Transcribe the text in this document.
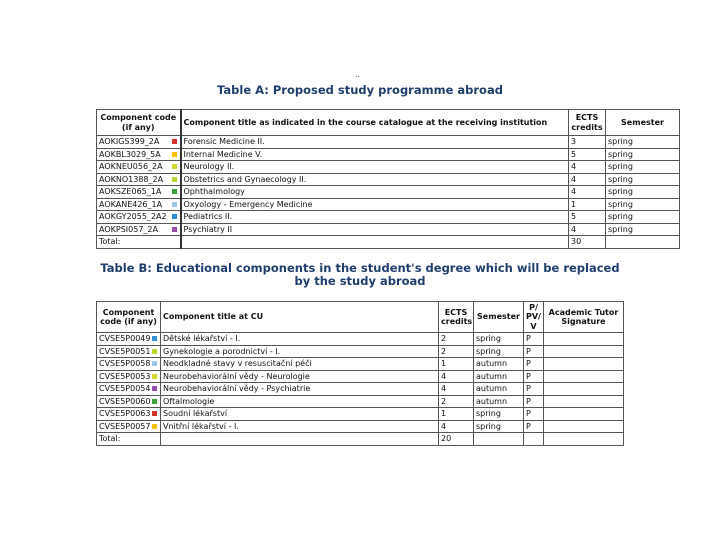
..
Table A: Proposed study programme abroad
Component code (if any)	Component title as indicated in the course catalogue at the receiving institution	ECTS credits	Semester

AOKIGS399_2A	Forensic Medicine II.	3	spring

AOKBL3029_5A	Internal Medicine V.	5	spring

AOKNEU056_2A	Neurology II.	4	spring

AOKNO1388_2A	Obstetrics and Gynaecology II.	4	spring

AOKSZE065_1A	Ophthalmology	4	spring

AOKANE426_1A	Oxyology - Emergency Medicine	1	spring

AOKGY2055_2A2	Pediatrics II.	5	spring

AOKPSI057_2A	Psychiatry II	4	spring
Total:		30	
Table B: Educational components in the student's degree which will be replaced by the study abroad
Component code (if any)	Component title at CU	ECTS credits	Semester	P/ PV/ V	Academic Tutor Signature

CVSE5P0049	Dětské lékařství - I.	2	spring	P	

CVSE5P0051	Gynekologie a porodnictví - I.	2	spring	P	

CVSE5P0058	Neodkladné stavy v resuscitační péči	1	autumn	P	

CVSE5P0053	Neurobehaviorální vědy - Neurologie	4	autumn	P	

CVSE5P0054	Neurobehaviorální vědy - Psychiatrie	4	autumn	P	

CVSE5P0060	Oftalmologie	2	autumn	P	

CVSE5P0063	Soudní lékařství	1	spring	P	

CVSE5P0057	Vnitřní lékařství - I.	4	spring	P	
Total:		20			
